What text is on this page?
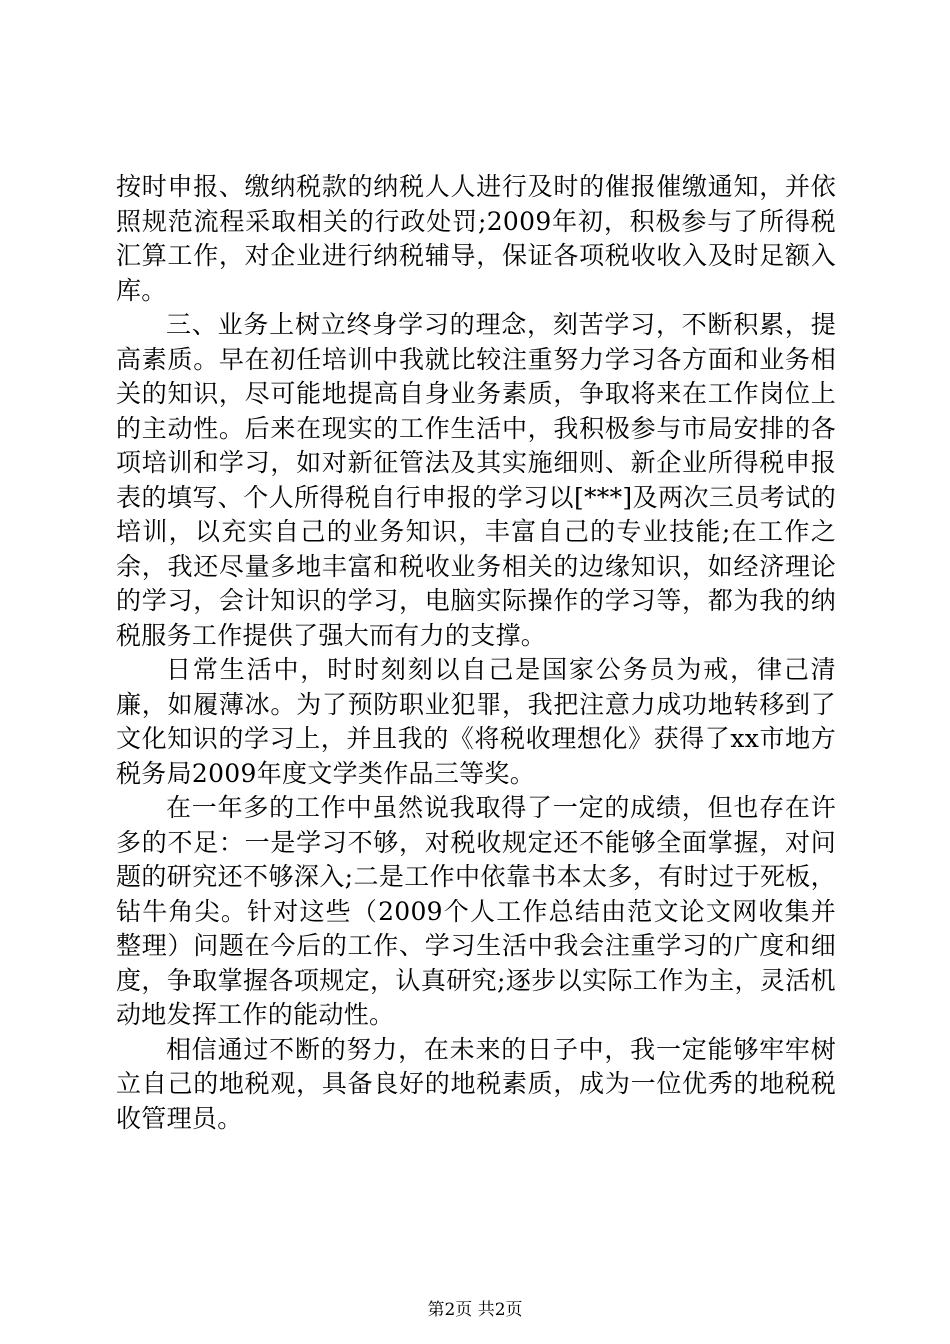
按时申报、缴纳税款的纳税人人进行及时的催报催缴通知，并依照规范流程采取相关的行政处罚;2009年初，积极参与了所得税汇算工作，对企业进行纳税辅导，保证各项税收收入及时足额入库。

三、业务上树立终身学习的理念，刻苦学习，不断积累，提高素质。早在初任培训中我就比较注重努力学习各方面和业务相关的知识，尽可能地提高自身业务素质，争取将来在工作岗位上的主动性。后来在现实的工作生活中，我积极参与市局安排的各项培训和学习，如对新征管法及其实施细则、新企业所得税申报表的填写、个人所得税自行申报的学习以[***]及两次三员考试的培训，以充实自己的业务知识，丰富自己的专业技能;在工作之余，我还尽量多地丰富和税收业务相关的边缘知识，如经济理论的学习，会计知识的学习，电脑实际操作的学习等，都为我的纳税服务工作提供了强大而有力的支撑。

日常生活中，时时刻刻以自己是国家公务员为戒，律己清廉，如履薄冰。为了预防职业犯罪，我把注意力成功地转移到了文化知识的学习上，并且我的《将税收理想化》获得了xx市地方税务局2009年度文学类作品三等奖。

在一年多的工作中虽然说我取得了一定的成绩，但也存在许多的不足：一是学习不够，对税收规定还不能够全面掌握，对问题的研究还不够深入;二是工作中依靠书本太多，有时过于死板，钻牛角尖。针对这些（2009个人工作总结由范文论文网收集并整理）问题在今后的工作、学习生活中我会注重学习的广度和细度，争取掌握各项规定，认真研究;逐步以实际工作为主，灵活机动地发挥工作的能动性。

相信通过不断的努力，在未来的日子中，我一定能够牢牢树立自己的地税观，具备良好的地税素质，成为一位优秀的地税税收管理员。

第2页 共2页
